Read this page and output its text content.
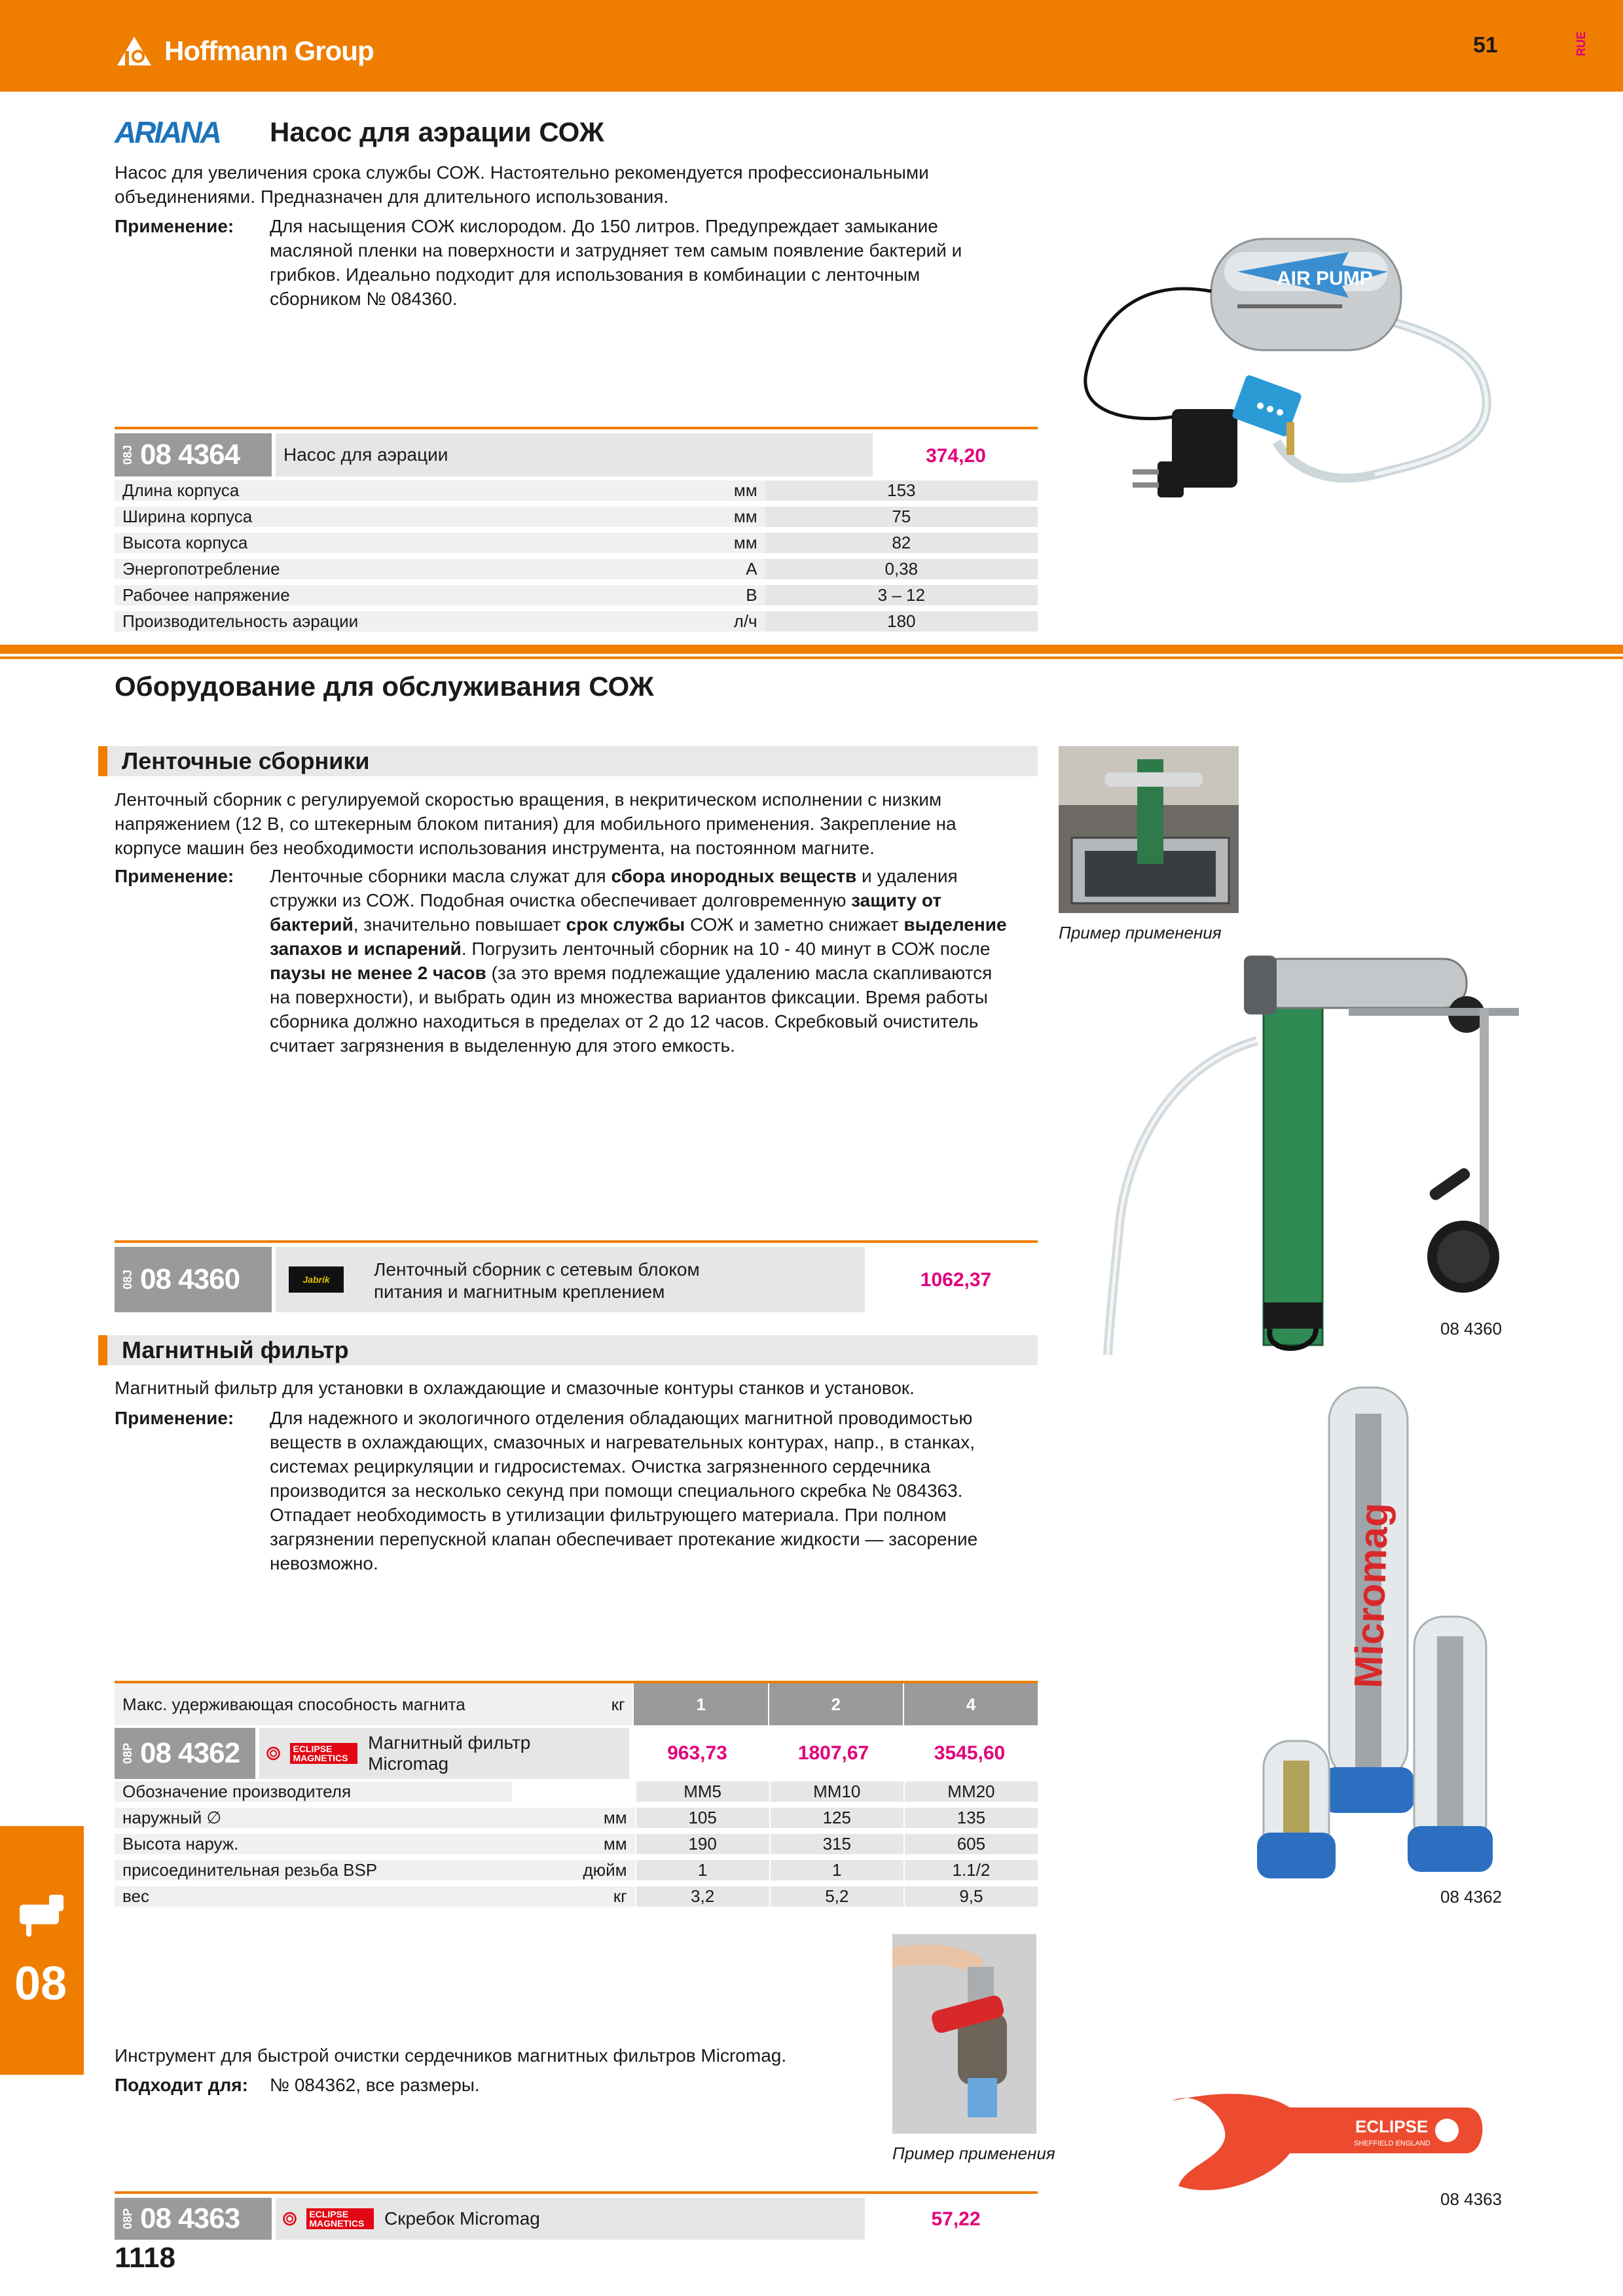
Hoffmann Group	51	RUE
ARIANA Насос для аэрации СОЖ
Насос для увеличения срока службы СОЖ. Настоятельно рекомендуется профессиональными объединениями. Предназначен для длительного использования.
Применение: Для насыщения СОЖ кислородом. До 150 литров. Предупреждает замыкание масляной пленки на поверхности и затрудняет тем самым появление бактерий и грибков. Идеально подходит для использования в комбинации с ленточным сборником № 084360.
AIR PUMP
08J 08 4364	Насос для аэрации	374,20
Длина корпуса	мм	153
Ширина корпуса	мм	75
Высота корпуса	мм	82
Энергопотребление	A	0,38
Рабочее напряжение	B	3 – 12
Производительность аэрации	л/ч	180
Оборудование для обслуживания СОЖ
Ленточные сборники
Ленточный сборник с регулируемой скоростью вращения, в некритическом исполнении с низким напряжением (12 В, со штекерным блоком питания) для мобильного применения. Закрепление на корпусе машин без необходимости использования инструмента, на постоянном магните.
Применение: Ленточные сборники масла служат для сбора инородных веществ и удаления стружки из СОЖ. Подобная очистка обеспечивает долговременную защиту от бактерий, значительно повышает срок службы СОЖ и заметно снижает выделение запахов и испарений. Погрузить ленточный сборник на 10 - 40 минут в СОЖ после паузы не менее 2 часов (за это время подлежащие удалению масла скапливаются на поверхности), и выбрать один из множества вариантов фиксации. Время работы сборника должно находиться в пределах от 2 до 12 часов. Скребковый очиститель считает загрязнения в выделенную для этого емкость.
Пример применения
08J 08 4360	Jabrik	Ленточный сборник с сетевым блоком питания и магнитным креплением
1062,37
08 4360
Магнитный фильтр
Магнитный фильтр для установки в охлаждающие и смазочные контуры станков и установок.
Применение: Для надежного и экологичного отделения обладающих магнитной проводимостью веществ в охлаждающих, смазочных и нагревательных контурах, напр., в станках, системах рециркуляции и гидросистемах. Очистка загрязненного сердечника производится за несколько секунд при помощи специального скребка № 084363. Отпадает необходимость в утилизации фильтрующего материала. При полном загрязнении перепускной клапан обеспечивает протекание жидкости — засорение невозможно.	Micromag
08 4362
Макс. удерживающая способность магнита	кг	1	2	4
08P 08 4362	ECLIPSE MAGNETICS
Магнитный фильтр Micromag	963,73	1807,67	3545,60
Обозначение производителя	MM5	MM10	MM20
наружный ∅	мм	105	125	135
Высота наруж.	мм	190	315	605
присоединительная резьба BSP	дюйм	1	1	1.1/2
вес	кг	3,2	5,2	9,5
Пример применения
Инструмент для быстрой очистки сердечников магнитных фильтров Micromag.
Подходит для: № 084362, все размеры.
ECLIPSE
SHEFFIELD ENGLAND
08 4363
08P 08 4363	ECLIPSE MAGNETICS	Скребок Micromag	57,22
08
1118
